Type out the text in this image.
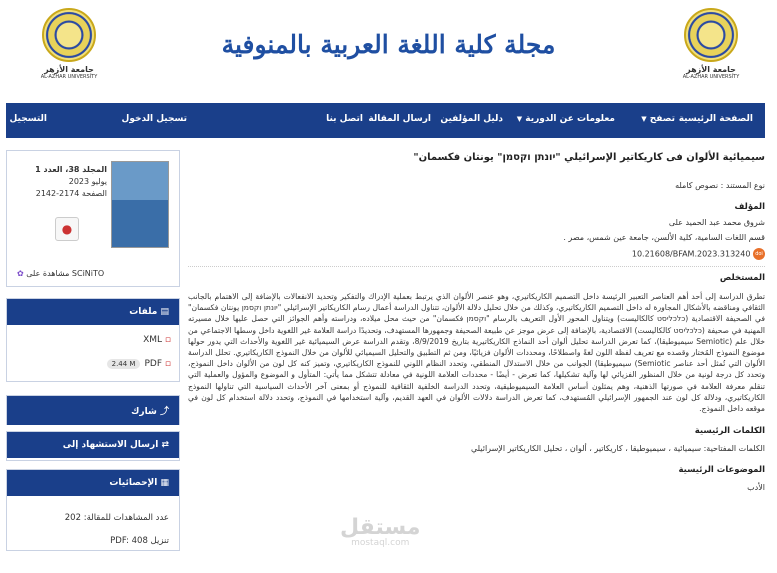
جامعة الأزهر
AL-AZHAR UNIVERSITY
مجلة كلية اللغة العربية بالمنوفية
جامعة الأزهر
AL-AZHAR UNIVERSITY
الصفحة الرئيسية
تصفح ▼
معلومات عن الدورية ▼
دليل المؤلفين
ارسال المقالة
اتصل بنا
تسجيل الدخول
التسجيل
المجلد 38، العدد 1
يوليو 2023
الصفحة 2174-2142
●
✿ مشاهدة على SCiNiTO
▤ ملفات
XML ▫
2.44 M PDF ▫
⤴ شارك
⇄ ارسال الاستشهاد إلى
▦ الإحصائيات
عدد المشاهدات للمقالة: 202
تنزيل PDF: 408
سيميائية الألوان فى كاريكاتير الإسرائيلي "יונתן וקסמן" يونتان فكسمان"
نوع المستند : نصوص كامله
المؤلف
شروق محمد عبد الحميد على
قسم اللغات السامية، كلية الألسن، جامعة عين شمس، مصر .
10.21608/BFAM.2023.313240 doi
المستخلص
تطرق الدراسة إلى أحد أهم العناصر التعبير الرئيسة داخل التصميم الكاريكاتيري، وهو عنصر الألوان الذي يرتبط بعملية الإدراك والتفكير وتحديد الانفعالات بالإضافة إلى الاهتمام بالجانب الثقافي ومناقضه بالأشكال المجاورة له داخل التصميم الكاريكاتيري، وكذلك من خلال تحليل دلالة الألوان، تتناول الدراسة أعمال رسام الكاريكاتير الإسرائيلي "יונתן וקסמן يونتان فكسمان" في الصحيفة الاقتصادية (כלכליסט كالكاليست) ويتناول المحور الأول التعريف بالرسام "וקסמן فكسمان" من حيث محل ميلاده، ودراسته وأهم الجوائز التي حصل عليها خلال مسيرته المهنية في صحيفة (כלכליסט كالكاليست) الاقتصادية، بالإضافة إلى عرض موجز عن طبيعة الصحيفة وجمهورها المستهدف، وتحديدًا دراسة العلامة غير اللغوية داخل وسطها الاجتماعي من خلال علم (Semiotic سيميوطيقا)، كما تعرض الدراسة تحليل ألوان أحد النماذج الكاريكاتيرية بتاريخ 8/9/2019، وتقدم الدراسة عرض السيميائية غير اللغوية والأحداث التي يدور حولها موضوع النموذج المُختار وقصده مع تعريف لفظة اللون لغةً واصطلاحًا، ومحددات الألوان فزيائيًا، ومن ثم التطبيق والتحليل السيميائي للألوان من خلال النموذج الكاريكاتيري. تحلل الدراسة الألوان التي تُمثل أحد عناصر Semiotic) سيميوطيقا) الجوانب من خلال الاستدلال المنطقي، وتحدد النظام اللوني للنموذج الكاريكاتيري، وتميز كنه كل لون من الألوان داخل النموذج، وتحدد كل درجة لونية من خلال المنظور الفزيائي لها وآلية تشكيلها، كما تعرض - أيضًا - محددات العلامة اللونية في معادلة تتشكل مما يأتي: المتأول و الموضوع والمؤول والعملية التي تنقلم معرفة العلامة في صورتها الذهنية، وهم يمثلون أساس العلامة السيميوطيقية، وتحدد الدراسة الخلفية الثقافية للنموذج أو بمعنى آخر الأحداث السياسية التي تناولها النموذج الكاريكاتيري، ودلالة كل لون عند الجمهور الإسرائيلي المُستهدف، كما تعرض الدراسة دلالات الألوان في العهد القديم، وآلية استخدامها في النموذج، وتحدد دلالة استخدام كل لون في موقعه داخل النموذج.
الكلمات الرئيسية
الكلمات المفتاحية: سيميائية ، سيميوطيقا ، كاريكاتير ، ألوان ، تحليل الكاريكاتير الإسرائيلي
الموضوعات الرئيسية
الأدب
مستقل
mostaql.com
